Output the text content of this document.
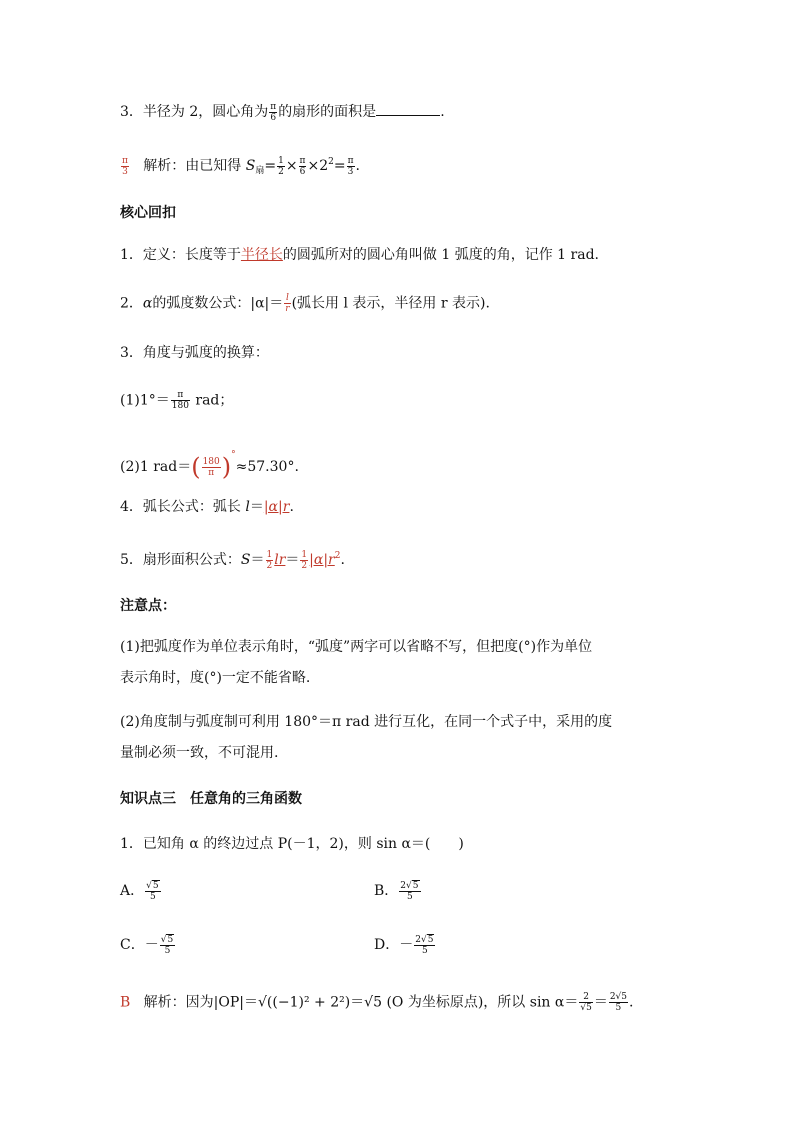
3．半径为 2，圆心角为 $\frac{\pi}{6}$ 的扇形的面积是	.
$\frac{\pi}{3}$ 解析：由已知得 $S_扇= \frac{1}{2} \times \frac{\pi}{6} \times 2^2= \frac{\pi}{3}$ .
核心回扣
1．定义：长度等于半径长的圆弧所对的圆心角叫做 1 弧度的角，记作 1 rad.
2．α的弧度数公式：$|\alpha|= \frac{l}{r}$ (弧长用 l 表示，半径用 r 表示).
3．角度与弧度的换算：
$(1)1^\circ= \frac{\pi}{180}$ rad；
(2)1 $rad=( \frac{180}{\pi} )^\circ\approx 57.30^\circ$.
4．弧长公式：弧长 l＝|α|r.
5．扇形面积公式：$S= \frac{1}{2} lr= \frac{1}{2} |\alpha|r^2$.
注意点：
(1)把弧度作为单位表示角时，“弧度”两字可以省略不写，但把度(°)作为单位
表示角时，度(°)一定不能省略.
(2)角度制与弧度制可利用 180°＝π rad 进行互化，在同一个式子中，采用的度
量制必须一致，不可混用.
知识点三　任意角的三角函数
1．已知角 α 的终边过点 P(－1，2)，则 sin α＝(　　)
A． $\frac{√5}{5}$	B． $\frac{2√5}{5}$
C．－ $\frac{√5}{5}$	D．－ $\frac{2√5}{5}$
B 解析：因为|OP|＝√((−1)² + 2²)＝√5 (O 为坐标原点)，所以 $\sin \alpha= \frac{2}{√5} = \frac{2√5}{5}$ .
